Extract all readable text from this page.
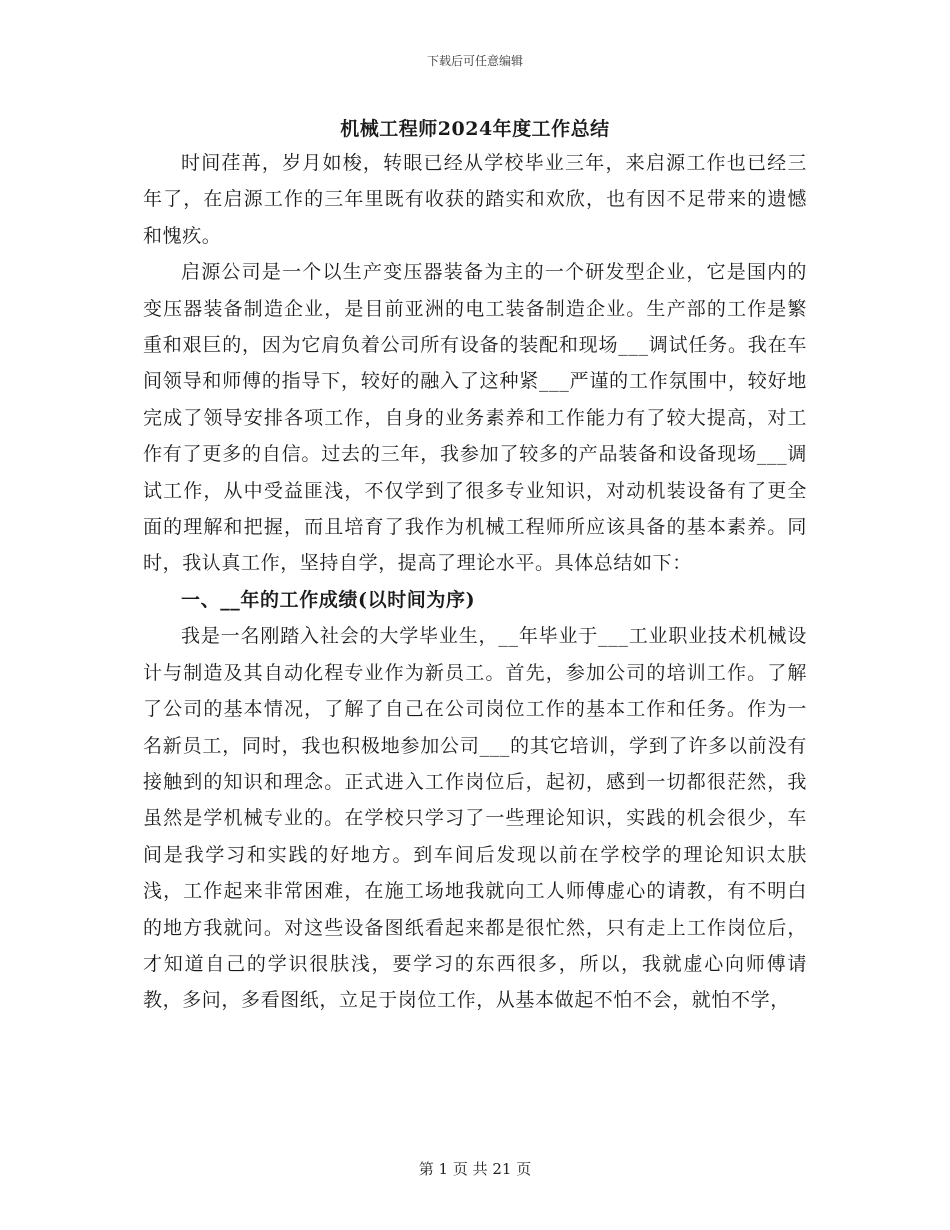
下载后可任意编辑
机械工程师2024年度工作总结

时间荏苒，岁月如梭，转眼已经从学校毕业三年，来启源工作也已经三年了，在启源工作的三年里既有收获的踏实和欢欣，也有因不足带来的遗憾和愧疚。

启源公司是一个以生产变压器装备为主的一个研发型企业，它是国内的变压器装备制造企业，是目前亚洲的电工装备制造企业。生产部的工作是繁重和艰巨的，因为它肩负着公司所有设备的装配和现场___调试任务。我在车间领导和师傅的指导下，较好的融入了这种紧___严谨的工作氛围中，较好地完成了领导安排各项工作，自身的业务素养和工作能力有了较大提高，对工作有了更多的自信。过去的三年，我参加了较多的产品装备和设备现场___调试工作，从中受益匪浅，不仅学到了很多专业知识，对动机装设备有了更全面的理解和把握，而且培育了我作为机械工程师所应该具备的基本素养。同时，我认真工作，坚持自学，提高了理论水平。具体总结如下：

一、__年的工作成绩(以时间为序)

我是一名刚踏入社会的大学毕业生，__年毕业于___工业职业技术机械设计与制造及其自动化程专业作为新员工。首先，参加公司的培训工作。了解了公司的基本情况，了解了自己在公司岗位工作的基本工作和任务。作为一名新员工，同时，我也积极地参加公司___的其它培训，学到了许多以前没有接触到的知识和理念。正式进入工作岗位后，起初，感到一切都很茫然，我虽然是学机械专业的。在学校只学习了一些理论知识，实践的机会很少，车间是我学习和实践的好地方。到车间后发现以前在学校学的理论知识太肤浅，工作起来非常困难，在施工场地我就向工人师傅虚心的请教，有不明白的地方我就问。对这些设备图纸看起来都是很忙然，只有走上工作岗位后，才知道自己的学识很肤浅，要学习的东西很多，所以，我就虚心向师傅请教，多问，多看图纸，立足于岗位工作，从基本做起不怕不会，就怕不学，

第 1 页 共 21 页
